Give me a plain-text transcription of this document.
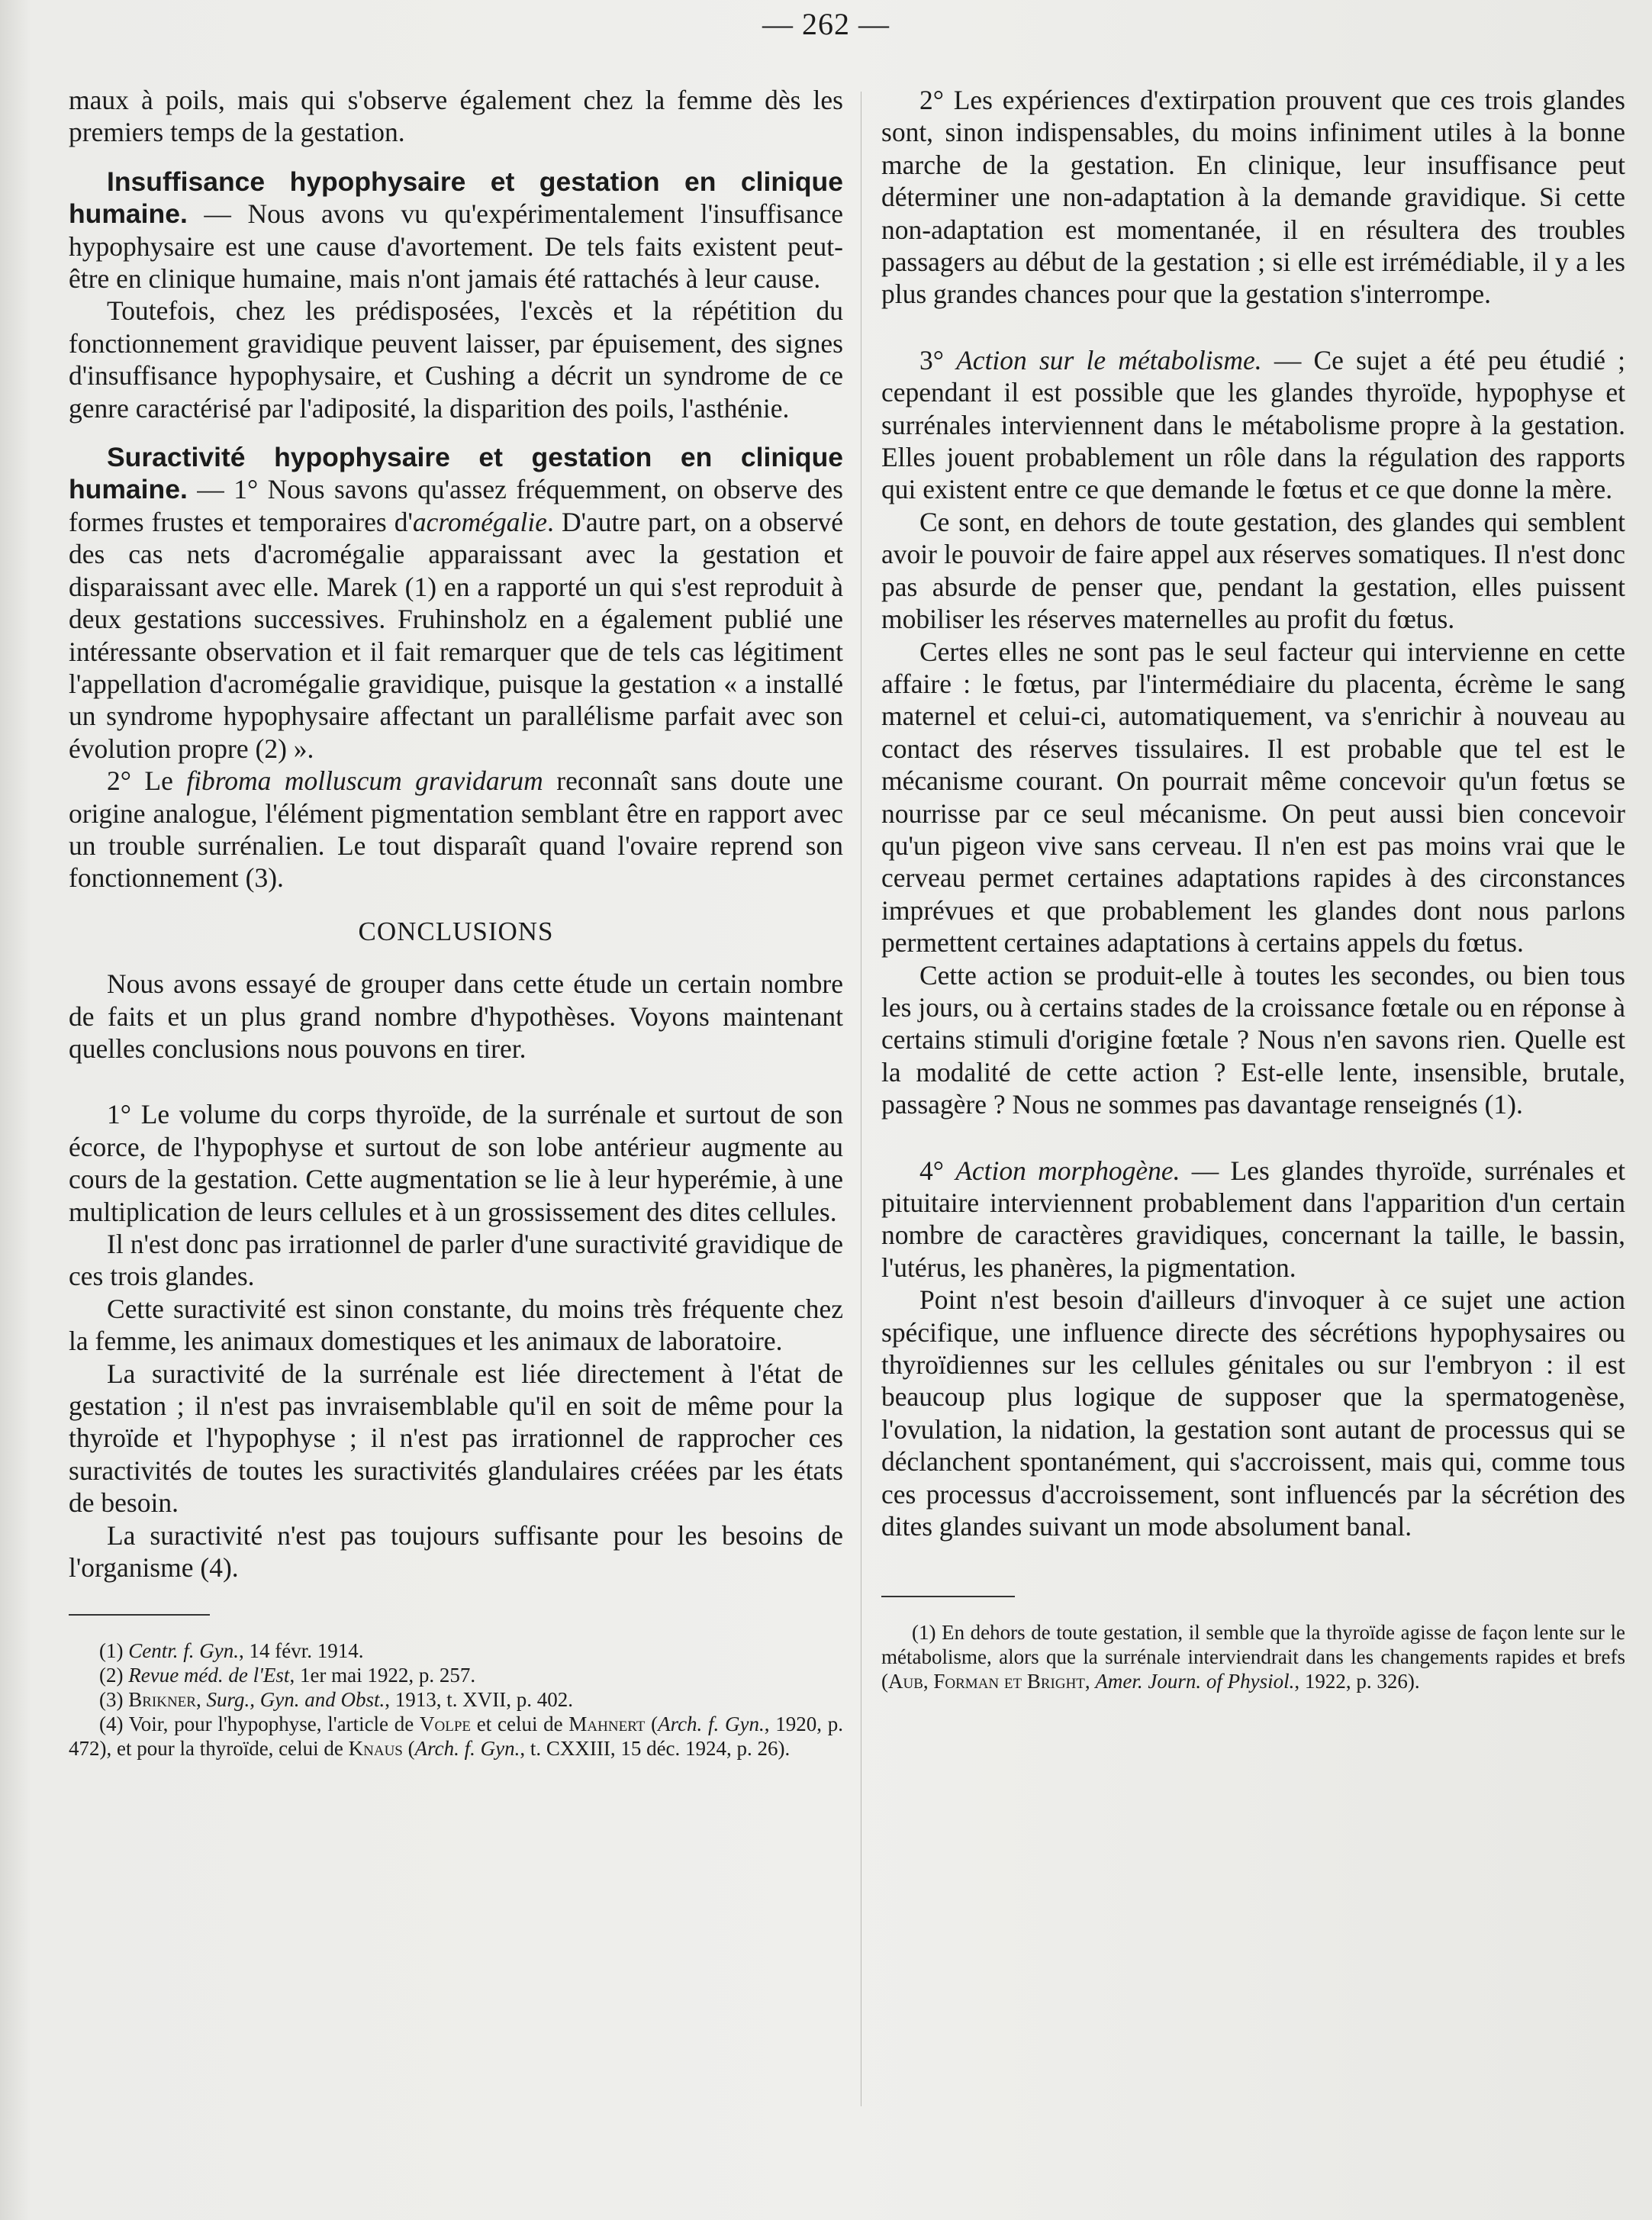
— 262 —

maux à poils, mais qui s'observe également chez la femme dès les premiers temps de la gestation.

Insuffisance hypophysaire et gestation en clinique humaine. — Nous avons vu qu'expérimentalement l'insuffisance hypophysaire est une cause d'avortement. De tels faits existent peut-être en clinique humaine, mais n'ont jamais été rattachés à leur cause.

Toutefois, chez les prédisposées, l'excès et la répétition du fonctionnement gravidique peuvent laisser, par épuisement, des signes d'insuffisance hypophysaire, et Cushing a décrit un syndrome de ce genre caractérisé par l'adiposité, la disparition des poils, l'asthénie.

Suractivité hypophysaire et gestation en clinique humaine. — 1° Nous savons qu'assez fréquemment, on observe des formes frustes et temporaires d'acromégalie. D'autre part, on a observé des cas nets d'acromégalie apparaissant avec la gestation et disparaissant avec elle. Marek (1) en a rapporté un qui s'est reproduit à deux gestations successives. Fruhinsholz en a également publié une intéressante observation et il fait remarquer que de tels cas légitiment l'appellation d'acromégalie gravidique, puisque la gestation « a installé un syndrome hypophysaire affectant un parallélisme parfait avec son évolution propre (2) ».

2° Le fibroma molluscum gravidarum reconnaît sans doute une origine analogue, l'élément pigmentation semblant être en rapport avec un trouble surrénalien. Le tout disparaît quand l'ovaire reprend son fonctionnement (3).

CONCLUSIONS

Nous avons essayé de grouper dans cette étude un certain nombre de faits et un plus grand nombre d'hypothèses. Voyons maintenant quelles conclusions nous pouvons en tirer.

1° Le volume du corps thyroïde, de la surrénale et surtout de son écorce, de l'hypophyse et surtout de son lobe antérieur augmente au cours de la gestation. Cette augmentation se lie à leur hyperémie, à une multiplication de leurs cellules et à un grossissement des dites cellules.

Il n'est donc pas irrationnel de parler d'une suractivité gravidique de ces trois glandes.

Cette suractivité est sinon constante, du moins très fréquente chez la femme, les animaux domestiques et les animaux de laboratoire.

La suractivité de la surrénale est liée directement à l'état de gestation ; il n'est pas invraisemblable qu'il en soit de même pour la thyroïde et l'hypophyse ; il n'est pas irrationnel de rapprocher ces suractivités de toutes les suractivités glandulaires créées par les états de besoin.

La suractivité n'est pas toujours suffisante pour les besoins de l'organisme (4).

(1) Centr. f. Gyn., 14 févr. 1914.

(2) Revue méd. de l'Est, 1er mai 1922, p. 257.

(3) Brikner, Surg., Gyn. and Obst., 1913, t. XVII, p. 402.

(4) Voir, pour l'hypophyse, l'article de Volpe et celui de Mahnert (Arch. f. Gyn., 1920, p. 472), et pour la thyroïde, celui de Knaus (Arch. f. Gyn., t. CXXIII, 15 déc. 1924, p. 26).

2° Les expériences d'extirpation prouvent que ces trois glandes sont, sinon indispensables, du moins infiniment utiles à la bonne marche de la gestation. En clinique, leur insuffisance peut déterminer une non-adaptation à la demande gravidique. Si cette non-adaptation est momentanée, il en résultera des troubles passagers au début de la gestation ; si elle est irrémédiable, il y a les plus grandes chances pour que la gestation s'interrompe.

3° Action sur le métabolisme. — Ce sujet a été peu étudié ; cependant il est possible que les glandes thyroïde, hypophyse et surrénales interviennent dans le métabolisme propre à la gestation. Elles jouent probablement un rôle dans la régulation des rapports qui existent entre ce que demande le fœtus et ce que donne la mère.

Ce sont, en dehors de toute gestation, des glandes qui semblent avoir le pouvoir de faire appel aux réserves somatiques. Il n'est donc pas absurde de penser que, pendant la gestation, elles puissent mobiliser les réserves maternelles au profit du fœtus.

Certes elles ne sont pas le seul facteur qui intervienne en cette affaire : le fœtus, par l'intermédiaire du placenta, écrème le sang maternel et celui-ci, automatiquement, va s'enrichir à nouveau au contact des réserves tissulaires. Il est probable que tel est le mécanisme courant. On pourrait même concevoir qu'un fœtus se nourrisse par ce seul mécanisme. On peut aussi bien concevoir qu'un pigeon vive sans cerveau. Il n'en est pas moins vrai que le cerveau permet certaines adaptations rapides à des circonstances imprévues et que probablement les glandes dont nous parlons permettent certaines adaptations à certains appels du fœtus.

Cette action se produit-elle à toutes les secondes, ou bien tous les jours, ou à certains stades de la croissance fœtale ou en réponse à certains stimuli d'origine fœtale ? Nous n'en savons rien. Quelle est la modalité de cette action ? Est-elle lente, insensible, brutale, passagère ? Nous ne sommes pas davantage renseignés (1).

4° Action morphogène. — Les glandes thyroïde, surrénales et pituitaire interviennent probablement dans l'apparition d'un certain nombre de caractères gravidiques, concernant la taille, le bassin, l'utérus, les phanères, la pigmentation.

Point n'est besoin d'ailleurs d'invoquer à ce sujet une action spécifique, une influence directe des sécrétions hypophysaires ou thyroïdiennes sur les cellules génitales ou sur l'embryon : il est beaucoup plus logique de supposer que la spermatogenèse, l'ovulation, la nidation, la gestation sont autant de processus qui se déclanchent spontanément, qui s'accroissent, mais qui, comme tous ces processus d'accroissement, sont influencés par la sécrétion des dites glandes suivant un mode absolument banal.

(1) En dehors de toute gestation, il semble que la thyroïde agisse de façon lente sur le métabolisme, alors que la surrénale interviendrait dans les changements rapides et brefs (Aub, Forman et Bright, Amer. Journ. of Physiol., 1922, p. 326).
